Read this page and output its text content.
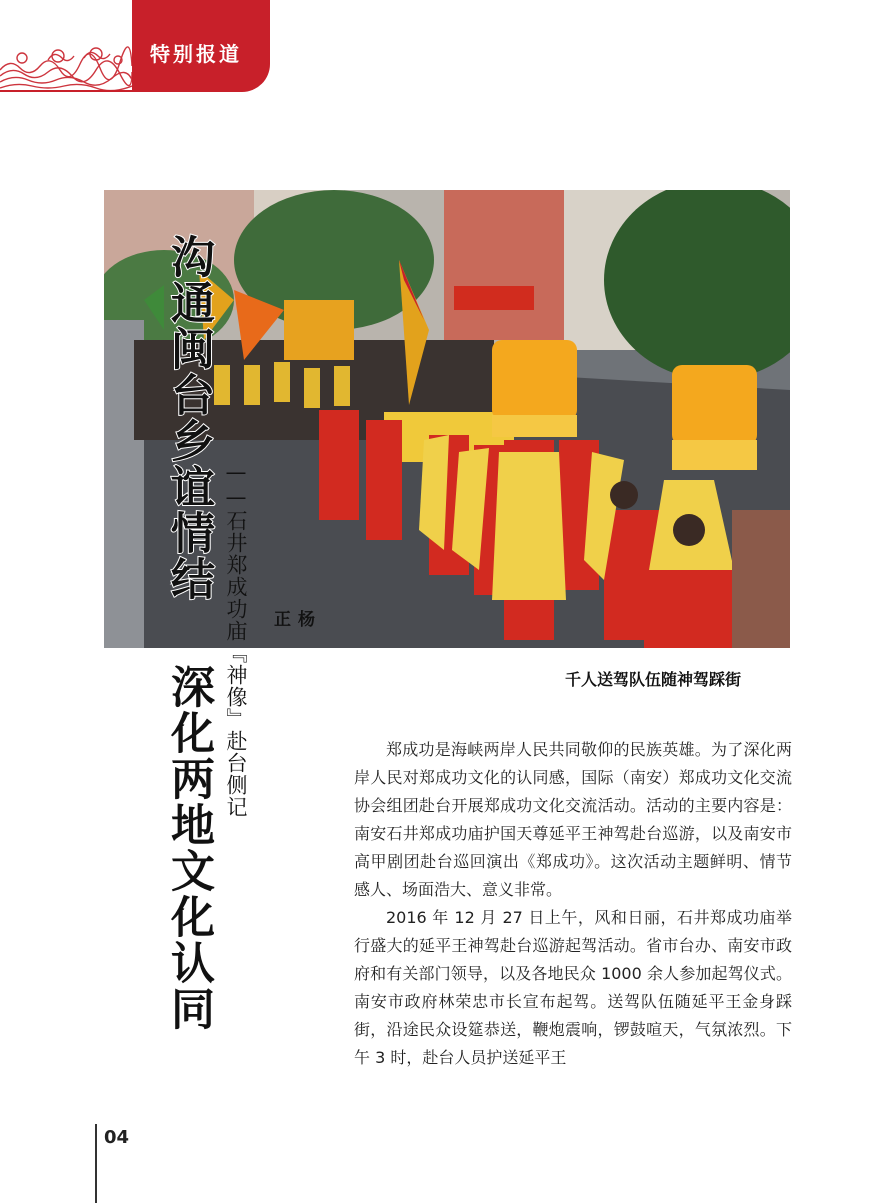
特别报道
沟通闽台乡谊情结
——石井郑成功庙『神像』赴台侧记	杨
正
深化两地文化认同	千人送驾队伍随神驾踩街

郑成功是海峡两岸人民共同敬仰的民族英雄。为了深化两岸人民对郑成功文化的认同感，国际（南安）郑成功文化交流协会组团赴台开展郑成功文化交流活动。活动的主要内容是：南安石井郑成功庙护国天尊延平王神驾赴台巡游，以及南安市高甲剧团赴台巡回演出《郑成功》。这次活动主题鲜明、情节感人、场面浩大、意义非常。

2016 年 12 月 27 日上午，风和日丽，石井郑成功庙举行盛大的延平王神驾赴台巡游起驾活动。省市台办、南安市政府和有关部门领导，以及各地民众 1000 余人参加起驾仪式。南安市政府林荣忠市长宣布起驾。送驾队伍随延平王金身踩街，沿途民众设筵恭送，鞭炮震响，锣鼓喧天，气氛浓烈。下午 3 时，赴台人员护送延平王

04
